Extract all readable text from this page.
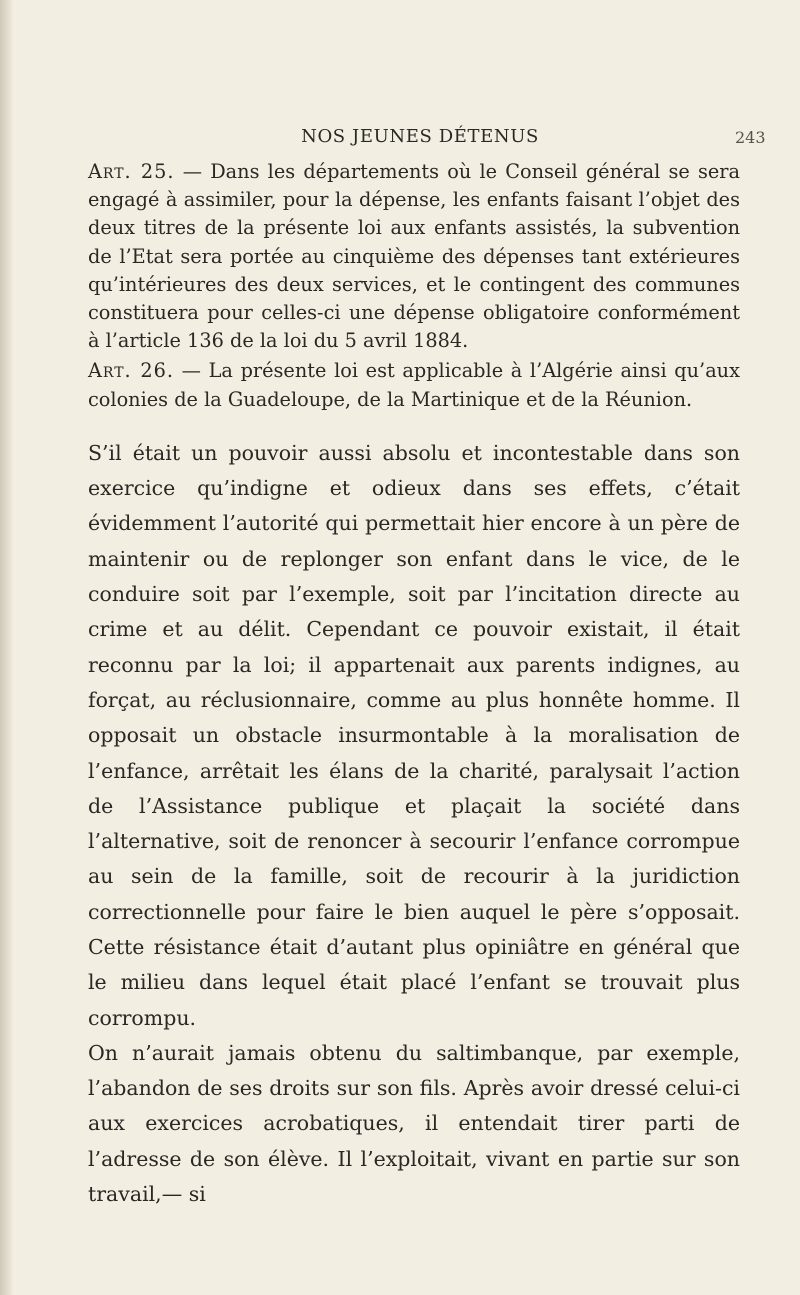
NOS JEUNES DÉTENUS	243

Art. 25. — Dans les départements où le Conseil général se sera engagé à assimiler, pour la dépense, les enfants faisant l’objet des deux titres de la présente loi aux enfants assistés, la subvention de l’Etat sera portée au cinquième des dépenses tant extérieures qu’intérieures des deux services, et le contingent des communes constituera pour celles-ci une dépense obligatoire conformément à l’article 136 de la loi du 5 avril 1884.

Art. 26. — La présente loi est applicable à l’Algérie ainsi qu’aux colonies de la Guadeloupe, de la Martinique et de la Réunion.

S’il était un pouvoir aussi absolu et incontestable dans son exercice qu’indigne et odieux dans ses effets, c’était évidemment l’autorité qui permettait hier encore à un père de maintenir ou de replonger son enfant dans le vice, de le conduire soit par l’exemple, soit par l’incitation directe au crime et au délit. Cependant ce pouvoir existait, il était reconnu par la loi; il appartenait aux parents indignes, au forçat, au réclusionnaire, comme au plus honnête homme. Il opposait un obstacle insurmontable à la moralisation de l’enfance, arrêtait les élans de la charité, paralysait l’action de l’Assistance publique et plaçait la société dans l’alternative, soit de renoncer à secourir l’enfance corrompue au sein de la famille, soit de recourir à la juridiction correctionnelle pour faire le bien auquel le père s’opposait. Cette résistance était d’autant plus opiniâtre en général que le milieu dans lequel était placé l’enfant se trouvait plus corrompu.

On n’aurait jamais obtenu du saltimbanque, par exemple, l’abandon de ses droits sur son fils. Après avoir dressé celui-ci aux exercices acrobatiques, il entendait tirer parti de l’adresse de son élève. Il l’exploitait, vivant en partie sur son travail,— si
